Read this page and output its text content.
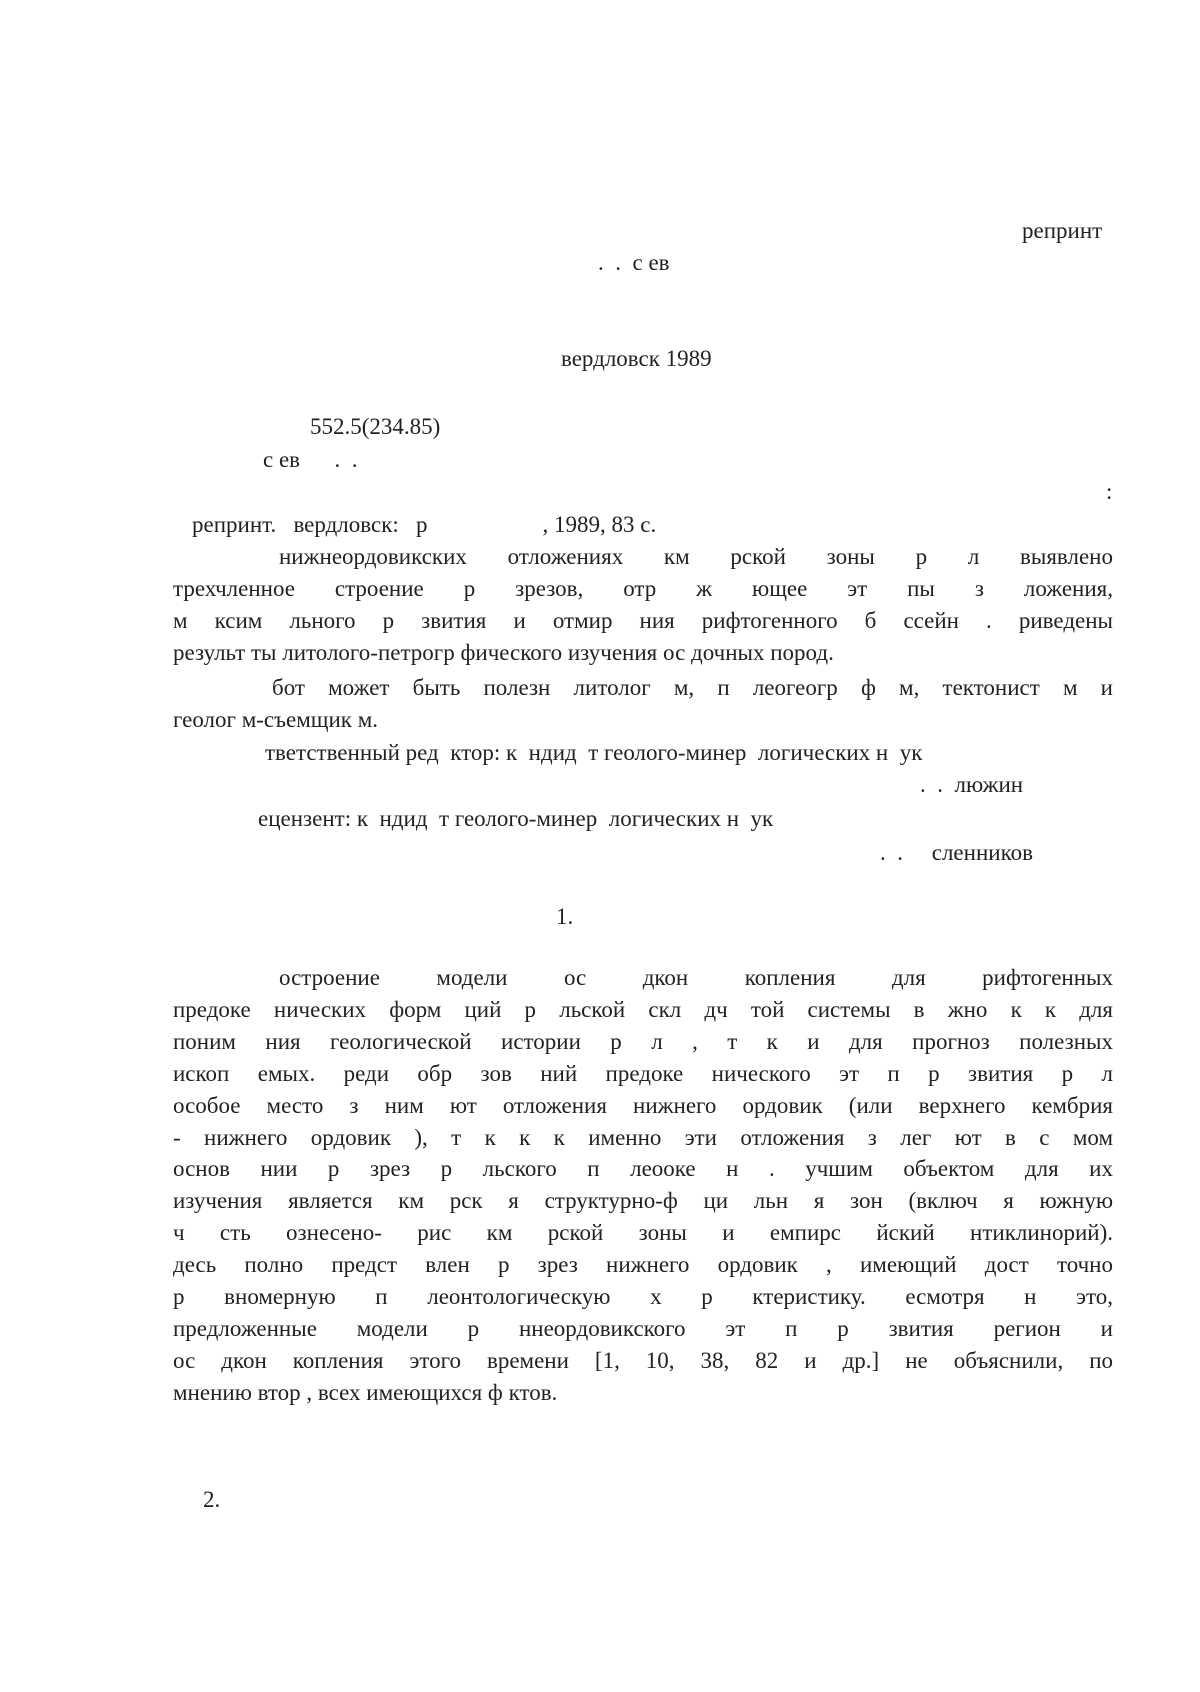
репринт
.  .  с ев
вердловск 1989
552.5(234.85)
с ев      .  .
:
репринт.   вердловск:   р                    , 1989, 83 с.
нижнеордовикских отложениях км рской зоны р л выявлено
трехчленное строение р зрезов, отр ж ющее эт пы з ложения,
м ксим льного р звития и отмир ния рифтогенного б ссейн . риведены
результ ты литолого-петрогр фического изучения ос дочных пород.
бот может быть полезн литолог м, п леогеогр ф м, тектонист м и
геолог м-съемщик м.
тветственный ред  ктор: к  ндид  т геолого-минер  логических н  ук
.  .  люжин
ецензент: к  ндид  т геолого-минер  логических н  ук
.  .     сленников
1.
остроение модели ос дкон копления для рифтогенных
предоке нических форм ций р льской скл дч той системы в жно к к для
поним ния геологической истории р л , т к и для прогноз полезных
ископ емых. реди обр зов ний предоке нического эт п р звития р л
особое место з ним ют отложения нижнего ордовик (или верхнего кембрия
- нижнего ордовик ), т к к к именно эти отложения з лег ют в с мом
основ нии р зрез р льского п леооке н . учшим объектом для их
изучения является км рск я структурно-ф ци льн я зон (включ я южную
ч сть ознесено- рис км рской зоны и емпирс йский нтиклинорий).
десь полно предст влен р зрез нижнего ордовик , имеющий дост точно
р вномерную п леонтологическую х р ктеристику. есмотря н это,
предложенные модели р ннеордовикского эт п р звития регион и
ос дкон копления этого времени [1, 10, 38, 82 и др.] не объяснили, по
мнению втор , всех имеющихся ф ктов.
2.
